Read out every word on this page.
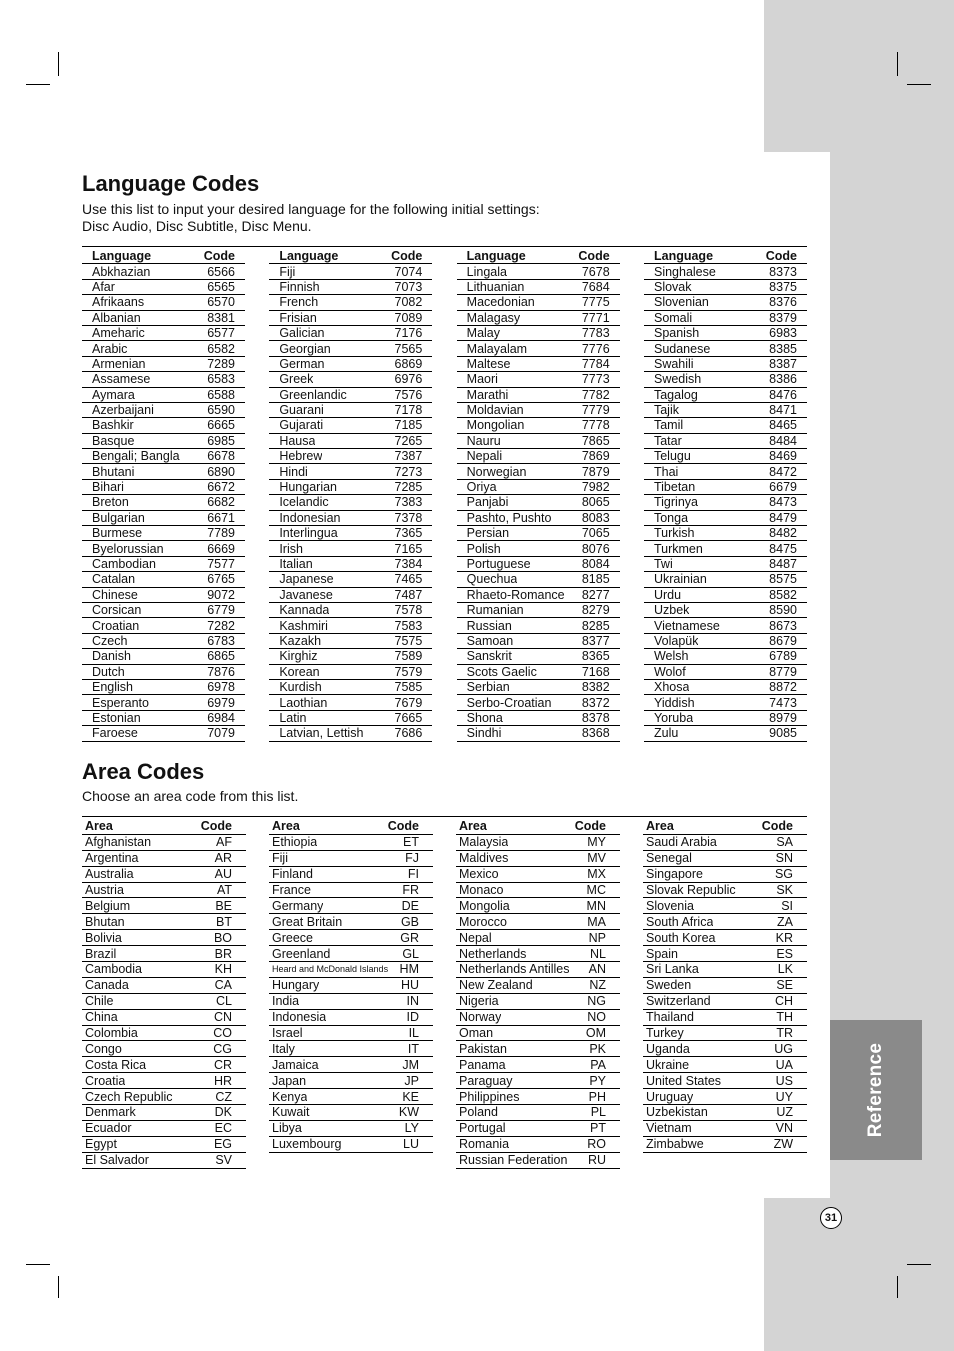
Reference
31
Language Codes

Use this list to input your desired language for the following initial settings:

Disc Audio, Disc Subtitle, Disc Menu.

Language	Code
Abkhazian	6566
Afar	6565
Afrikaans	6570
Albanian	8381
Ameharic	6577
Arabic	6582
Armenian	7289
Assamese	6583
Aymara	6588
Azerbaijani	6590
Bashkir	6665
Basque	6985
Bengali; Bangla 6678
Bhutani	6890
Bihari	6672
Breton	6682
Bulgarian	6671
Burmese	7789
Byelorussian	6669
Cambodian	7577
Catalan	6765
Chinese	9072
Corsican	6779
Croatian	7282
Czech	6783
Danish	6865
Dutch	7876
English	6978
Esperanto	6979
Estonian	6984
Faroese	7079
Language	Code
Fiji	7074
Finnish	7073
French	7082
Frisian	7089
Galician	7176
Georgian	7565
German	6869
Greek	6976
Greenlandic	7576
Guarani	7178
Gujarati	7185
Hausa	7265
Hebrew	7387
Hindi	7273
Hungarian	7285
Icelandic	7383
Indonesian	7378
Interlingua	7365
Irish	7165
Italian	7384
Japanese	7465
Javanese	7487
Kannada	7578
Kashmiri	7583
Kazakh	7575
Kirghiz	7589
Korean	7579
Kurdish	7585
Laothian	7679
Latin	7665
Latvian, Lettish 7686
Language	Code
Lingala	7678
Lithuanian	7684
Macedonian	7775
Malagasy	7771
Malay	7783
Malayalam	7776
Maltese	7784
Maori	7773
Marathi	7782
Moldavian	7779
Mongolian	7778
Nauru	7865
Nepali	7869
Norwegian	7879
Oriya	7982
Panjabi	8065
Pashto, Pushto 8083
Persian	7065
Polish	8076
Portuguese	8084
Quechua	8185
Rhaeto-Romance 8277
Rumanian	8279
Russian	8285
Samoan	8377
Sanskrit	8365
Scots Gaelic	7168
Serbian	8382
Serbo-Croatian 8372
Shona	8378
Sindhi	8368
Language	Code
Singhalese	8373
Slovak	8375
Slovenian	8376
Somali	8379
Spanish	6983
Sudanese	8385
Swahili	8387
Swedish	8386
Tagalog	8476
Tajik	8471
Tamil	8465
Tatar	8484
Telugu	8469
Thai	8472
Tibetan	6679
Tigrinya	8473
Tonga	8479
Turkish	8482
Turkmen	8475
Twi	8487
Ukrainian	8575
Urdu	8582
Uzbek	8590
Vietnamese	8673
Volapük	8679
Welsh	6789
Wolof	8779
Xhosa	8872
Yiddish	7473
Yoruba	8979
Zulu	9085
Area Codes

Choose an area code from this list.

Area	Code
Afghanistan	AF
Argentina	AR
Australia	AU
Austria	AT
Belgium	BE
Bhutan	BT
Bolivia	BO
Brazil	BR
Cambodia	KH
Canada	CA
Chile	CL
China	CN
Colombia	CO
Congo	CG
Costa Rica	CR
Croatia	HR
Czech Republic	CZ
Denmark	DK
Ecuador	EC
Egypt	EG
El Salvador	SV
Area	Code
Ethiopia	ET
Fiji	FJ
Finland	FI
France	FR
Germany	DE
Great Britain	GB
Greece	GR
Greenland	GL
Heard and McDonald Islands HM
Hungary	HU
India	IN
Indonesia	ID
Israel	IL
Italy	IT
Jamaica	JM
Japan	JP
Kenya	KE
Kuwait	KW
Libya	LY
Luxembourg	LU
Area	Code
Malaysia	MY
Maldives	MV
Mexico	MX
Monaco	MC
Mongolia	MN
Morocco	MA
Nepal	NP
Netherlands	NL
Netherlands Antilles AN
New Zealand	NZ
Nigeria	NG
Norway	NO
Oman	OM
Pakistan	PK
Panama	PA
Paraguay	PY
Philippines	PH
Poland	PL
Portugal	PT
Romania	RO
Russian Federation RU
Area	Code
Saudi Arabia	SA
Senegal	SN
Singapore	SG
Slovak Republic	SK
Slovenia	SI
South Africa	ZA
South Korea	KR
Spain	ES
Sri Lanka	LK
Sweden	SE
Switzerland	CH
Thailand	TH
Turkey	TR
Uganda	UG
Ukraine	UA
United States	US
Uruguay	UY
Uzbekistan	UZ
Vietnam	VN
Zimbabwe	ZW
